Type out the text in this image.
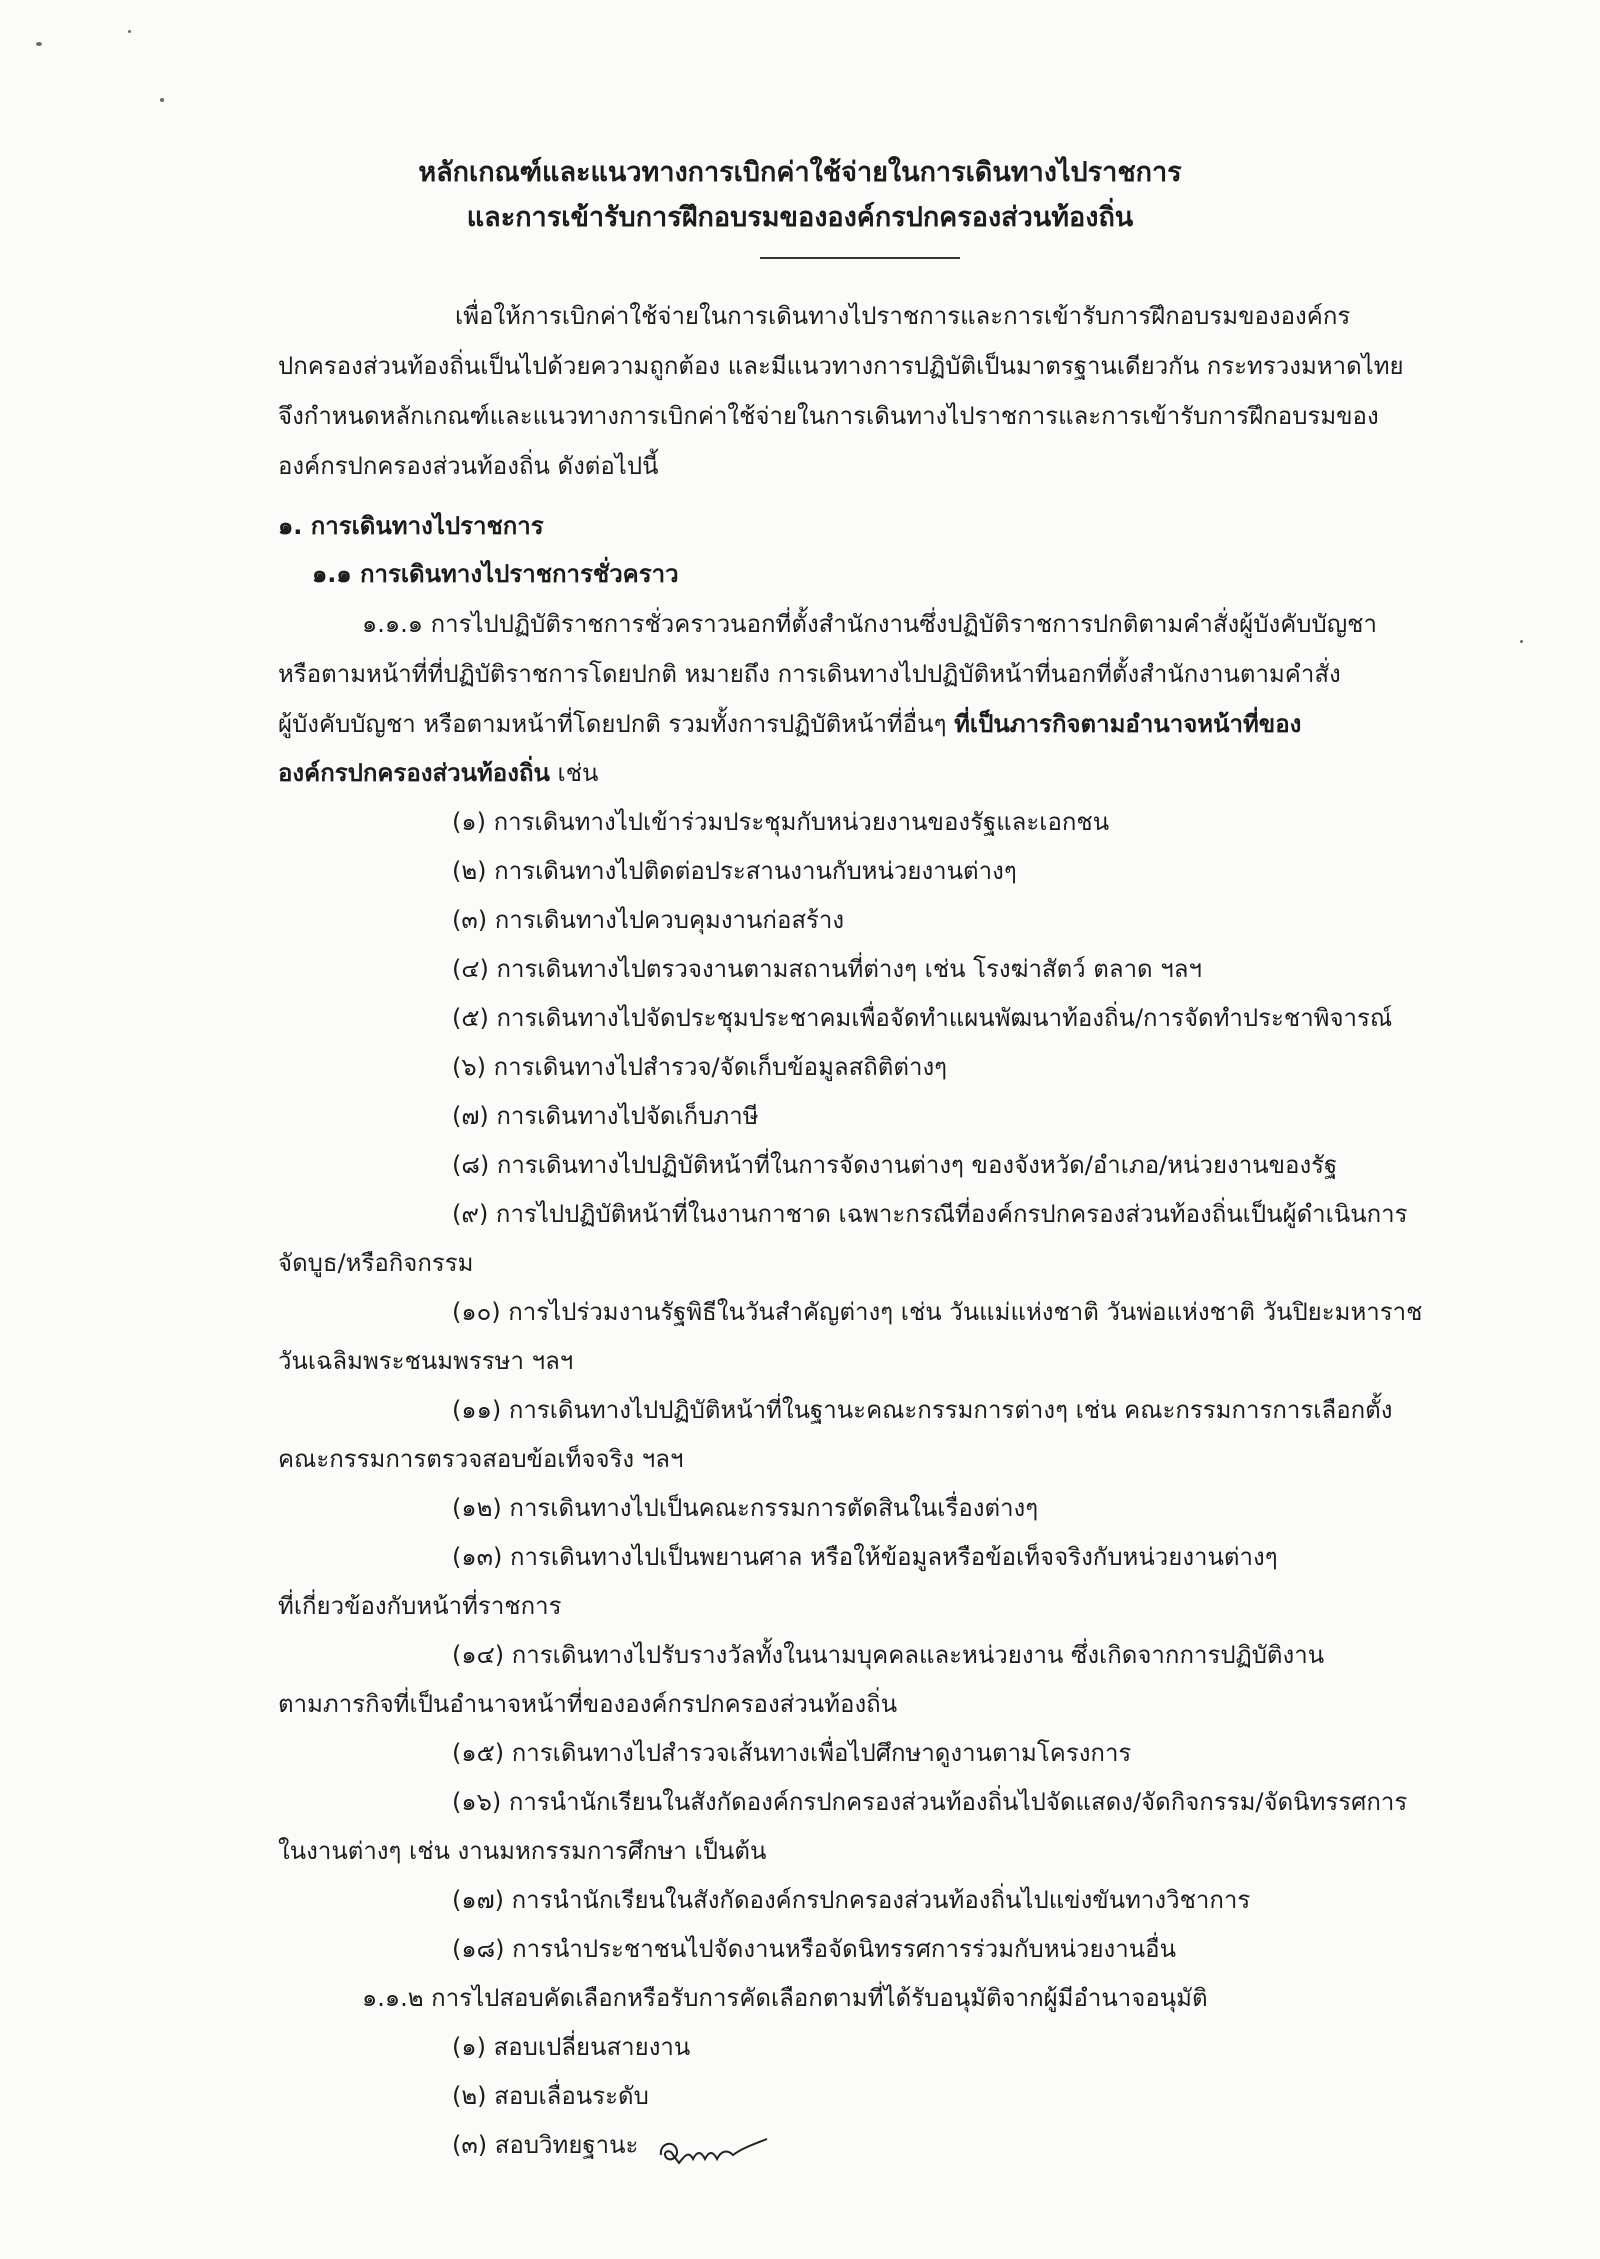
หลักเกณฑ์และแนวทางการเบิกค่าใช้จ่ายในการเดินทางไปราชการ
และการเข้ารับการฝึกอบรมขององค์กรปกครองส่วนท้องถิ่น
เพื่อให้การเบิกค่าใช้จ่ายในการเดินทางไปราชการและการเข้ารับการฝึกอบรมขององค์กร
ปกครองส่วนท้องถิ่นเป็นไปด้วยความถูกต้อง และมีแนวทางการปฏิบัติเป็นมาตรฐานเดียวกัน กระทรวงมหาดไทย
จึงกำหนดหลักเกณฑ์และแนวทางการเบิกค่าใช้จ่ายในการเดินทางไปราชการและการเข้ารับการฝึกอบรมของ
องค์กรปกครองส่วนท้องถิ่น ดังต่อไปนี้
๑. การเดินทางไปราชการ
๑.๑ การเดินทางไปราชการชั่วคราว
๑.๑.๑ การไปปฏิบัติราชการชั่วคราวนอกที่ตั้งสำนักงานซึ่งปฏิบัติราชการปกติตามคำสั่งผู้บังคับบัญชา
หรือตามหน้าที่ที่ปฏิบัติราชการโดยปกติ หมายถึง การเดินทางไปปฏิบัติหน้าที่นอกที่ตั้งสำนักงานตามคำสั่ง
ผู้บังคับบัญชา หรือตามหน้าที่โดยปกติ รวมทั้งการปฏิบัติหน้าที่อื่นๆ ที่เป็นภารกิจตามอำนาจหน้าที่ของ
องค์กรปกครองส่วนท้องถิ่น เช่น
(๑) การเดินทางไปเข้าร่วมประชุมกับหน่วยงานของรัฐและเอกชน
(๒) การเดินทางไปติดต่อประสานงานกับหน่วยงานต่างๆ
(๓) การเดินทางไปควบคุมงานก่อสร้าง
(๔) การเดินทางไปตรวจงานตามสถานที่ต่างๆ เช่น โรงฆ่าสัตว์ ตลาด ฯลฯ
(๕) การเดินทางไปจัดประชุมประชาคมเพื่อจัดทำแผนพัฒนาท้องถิ่น/การจัดทำประชาพิจารณ์
(๖) การเดินทางไปสำรวจ/จัดเก็บข้อมูลสถิติต่างๆ
(๗) การเดินทางไปจัดเก็บภาษี
(๘) การเดินทางไปปฏิบัติหน้าที่ในการจัดงานต่างๆ ของจังหวัด/อำเภอ/หน่วยงานของรัฐ
(๙) การไปปฏิบัติหน้าที่ในงานกาชาด เฉพาะกรณีที่องค์กรปกครองส่วนท้องถิ่นเป็นผู้ดำเนินการ
จัดบูธ/หรือกิจกรรม
(๑๐) การไปร่วมงานรัฐพิธีในวันสำคัญต่างๆ เช่น วันแม่แห่งชาติ วันพ่อแห่งชาติ วันปิยะมหาราช
วันเฉลิมพระชนมพรรษา ฯลฯ
(๑๑) การเดินทางไปปฏิบัติหน้าที่ในฐานะคณะกรรมการต่างๆ เช่น คณะกรรมการการเลือกตั้ง
คณะกรรมการตรวจสอบข้อเท็จจริง ฯลฯ
(๑๒) การเดินทางไปเป็นคณะกรรมการตัดสินในเรื่องต่างๆ
(๑๓) การเดินทางไปเป็นพยานศาล หรือให้ข้อมูลหรือข้อเท็จจริงกับหน่วยงานต่างๆ
ที่เกี่ยวข้องกับหน้าที่ราชการ
(๑๔) การเดินทางไปรับรางวัลทั้งในนามบุคคลและหน่วยงาน ซึ่งเกิดจากการปฏิบัติงาน
ตามภารกิจที่เป็นอำนาจหน้าที่ขององค์กรปกครองส่วนท้องถิ่น
(๑๕) การเดินทางไปสำรวจเส้นทางเพื่อไปศึกษาดูงานตามโครงการ
(๑๖) การนำนักเรียนในสังกัดองค์กรปกครองส่วนท้องถิ่นไปจัดแสดง/จัดกิจกรรม/จัดนิทรรศการ
ในงานต่างๆ เช่น งานมหกรรมการศึกษา เป็นต้น
(๑๗) การนำนักเรียนในสังกัดองค์กรปกครองส่วนท้องถิ่นไปแข่งขันทางวิชาการ
(๑๘) การนำประชาชนไปจัดงานหรือจัดนิทรรศการร่วมกับหน่วยงานอื่น
๑.๑.๒ การไปสอบคัดเลือกหรือรับการคัดเลือกตามที่ได้รับอนุมัติจากผู้มีอำนาจอนุมัติ
(๑) สอบเปลี่ยนสายงาน
(๒) สอบเลื่อนระดับ
(๓) สอบวิทยฐานะ
